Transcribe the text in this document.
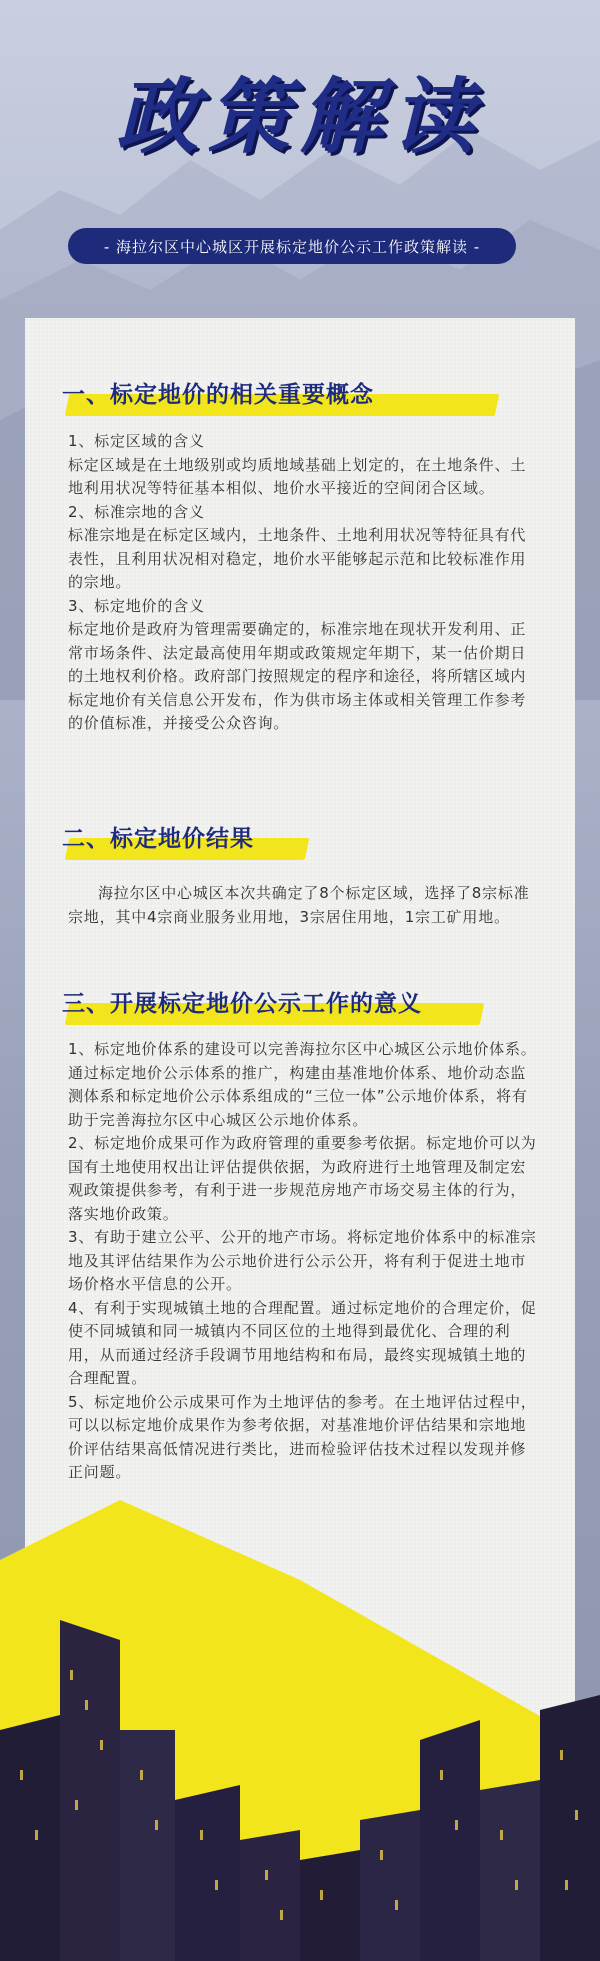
政策解读
- 海拉尔区中心城区开展标定地价公示工作政策解读 -
一、标定地价的相关重要概念

1、标定区域的含义

标定区域是在土地级别或均质地域基础上划定的，在土地条件、土地利用状况等特征基本相似、地价水平接近的空间闭合区域。

2、标准宗地的含义

标准宗地是在标定区域内，土地条件、土地利用状况等特征具有代表性，且利用状况相对稳定，地价水平能够起示范和比较标准作用的宗地。

3、标定地价的含义

标定地价是政府为管理需要确定的，标准宗地在现状开发利用、正常市场条件、法定最高使用年期或政策规定年期下，某一估价期日的土地权利价格。政府部门按照规定的程序和途径，将所辖区域内标定地价有关信息公开发布，作为供市场主体或相关管理工作参考的价值标准，并接受公众咨询。

二、标定地价结果

海拉尔区中心城区本次共确定了8个标定区域，选择了8宗标准宗地，其中4宗商业服务业用地，3宗居住用地，1宗工矿用地。

三、开展标定地价公示工作的意义

1、标定地价体系的建设可以完善海拉尔区中心城区公示地价体系。通过标定地价公示体系的推广，构建由基准地价体系、地价动态监测体系和标定地价公示体系组成的“三位一体”公示地价体系，将有助于完善海拉尔区中心城区公示地价体系。

2、标定地价成果可作为政府管理的重要参考依据。标定地价可以为国有土地使用权出让评估提供依据，为政府进行土地管理及制定宏观政策提供参考，有利于进一步规范房地产市场交易主体的行为，落实地价政策。

3、有助于建立公平、公开的地产市场。将标定地价体系中的标准宗地及其评估结果作为公示地价进行公示公开，将有利于促进土地市场价格水平信息的公开。

4、有利于实现城镇土地的合理配置。通过标定地价的合理定价，促使不同城镇和同一城镇内不同区位的土地得到最优化、合理的利用，从而通过经济手段调节用地结构和布局，最终实现城镇土地的合理配置。

5、标定地价公示成果可作为土地评估的参考。在土地评估过程中，可以以标定地价成果作为参考依据，对基准地价评估结果和宗地地价评估结果高低情况进行类比，进而检验评估技术过程以发现并修正问题。
